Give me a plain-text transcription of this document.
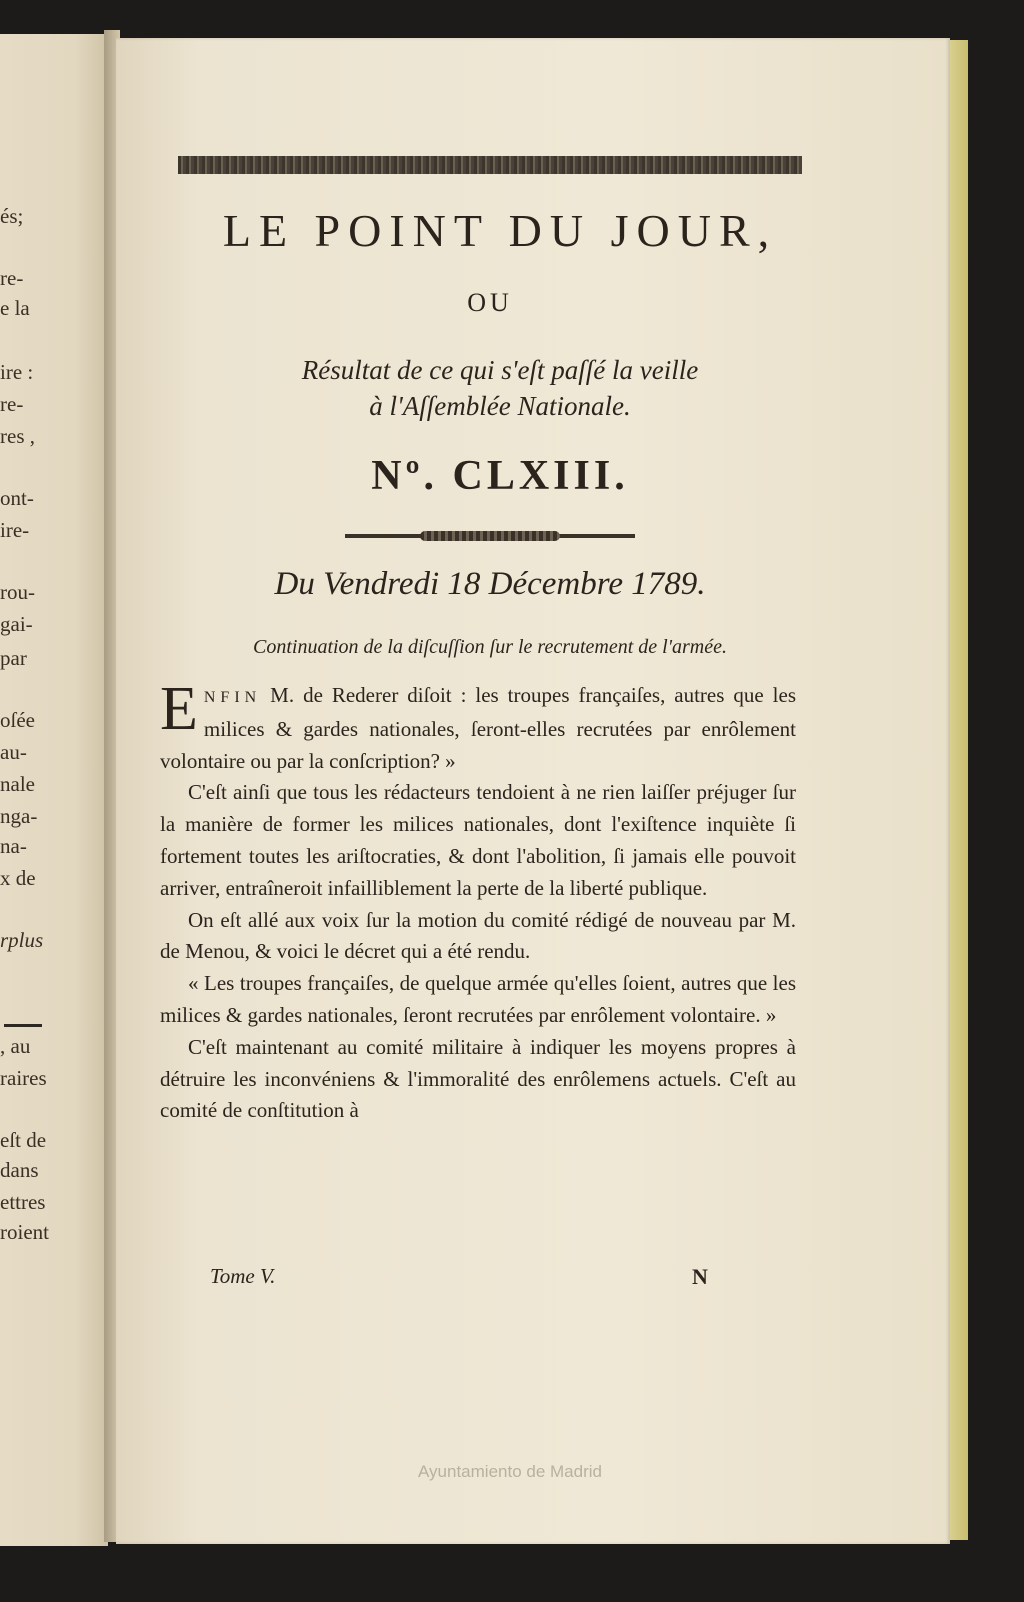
és;
re-
e la
ire :
re-
res ,
ont-
ire-
rou-
gai-
par
oſée
au-
nale
nga-
na-
x de
rplus
, au
raires
eſt de
dans
ettres
roient
LE POINT DU JOUR,
OU
Résultat de ce qui s'eſt paſſé la veille
à l'Aſſemblée Nationale.
Nº. CLXIII.
Du Vendredi 18 Décembre 1789.
Continuation de la diſcuſſion ſur le recrutement de l'armée.

ENFIN M. de Rederer diſoit : les troupes françaiſes, autres que les milices & gardes nationales, ſeront-elles recrutées par enrôlement volontaire ou par la conſcription? »

C'eſt ainſi que tous les rédacteurs tendoient à ne rien laiſſer préjuger ſur la manière de former les milices nationales, dont l'exiſtence inquiète ſi fortement toutes les ariſtocraties, & dont l'abolition, ſi jamais elle pouvoit arriver, entraîneroit infailliblement la perte de la liberté publique.

On eſt allé aux voix ſur la motion du comité rédigé de nouveau par M. de Menou, & voici le décret qui a été rendu.

« Les troupes françaiſes, de quelque armée qu'elles ſoient, autres que les milices & gardes nationales, ſeront recrutées par enrôlement volontaire. »

C'eſt maintenant au comité militaire à indiquer les moyens propres à détruire les inconvéniens & l'immoralité des enrôlemens actuels. C'eſt au comité de conſtitution à

Tome V.	N
Ayuntamiento de Madrid
